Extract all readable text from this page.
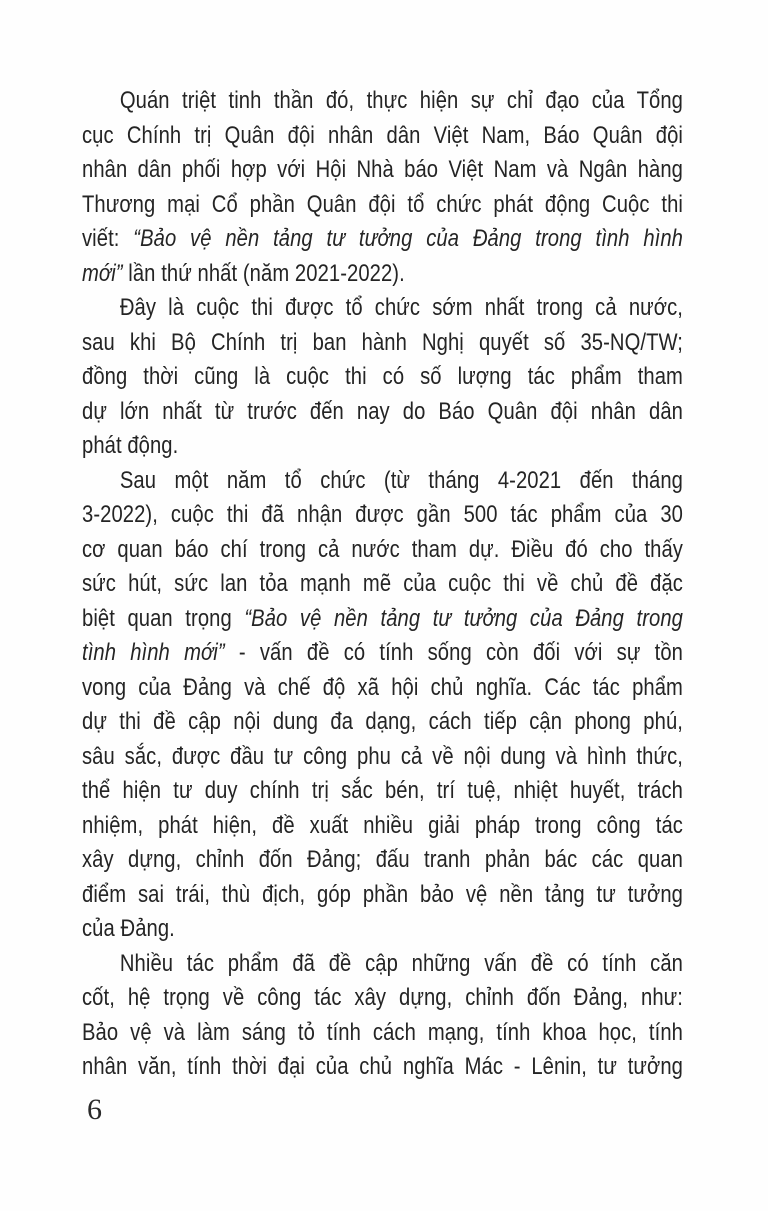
Quán triệt tinh thần đó, thực hiện sự chỉ đạo của Tổng
cục Chính trị Quân đội nhân dân Việt Nam, Báo Quân đội
nhân dân phối hợp với Hội Nhà báo Việt Nam và Ngân hàng
Thương mại Cổ phần Quân đội tổ chức phát động Cuộc thi
viết: “Bảo vệ nền tảng tư tưởng của Đảng trong tình hình
mới” lần thứ nhất (năm 2021-2022).
Đây là cuộc thi được tổ chức sớm nhất trong cả nước,
sau khi Bộ Chính trị ban hành Nghị quyết số 35-NQ/TW;
đồng thời cũng là cuộc thi có số lượng tác phẩm tham
dự lớn nhất từ trước đến nay do Báo Quân đội nhân dân
phát động.
Sau một năm tổ chức (từ tháng 4-2021 đến tháng
3-2022), cuộc thi đã nhận được gần 500 tác phẩm của 30
cơ quan báo chí trong cả nước tham dự. Điều đó cho thấy
sức hút, sức lan tỏa mạnh mẽ của cuộc thi về chủ đề đặc
biệt quan trọng “Bảo vệ nền tảng tư tưởng của Đảng trong
tình hình mới” - vấn đề có tính sống còn đối với sự tồn
vong của Đảng và chế độ xã hội chủ nghĩa. Các tác phẩm
dự thi đề cập nội dung đa dạng, cách tiếp cận phong phú,
sâu sắc, được đầu tư công phu cả về nội dung và hình thức,
thể hiện tư duy chính trị sắc bén, trí tuệ, nhiệt huyết, trách
nhiệm, phát hiện, đề xuất nhiều giải pháp trong công tác
xây dựng, chỉnh đốn Đảng; đấu tranh phản bác các quan
điểm sai trái, thù địch, góp phần bảo vệ nền tảng tư tưởng
của Đảng.
Nhiều tác phẩm đã đề cập những vấn đề có tính căn
cốt, hệ trọng về công tác xây dựng, chỉnh đốn Đảng, như:
Bảo vệ và làm sáng tỏ tính cách mạng, tính khoa học, tính
nhân văn, tính thời đại của chủ nghĩa Mác - Lênin, tư tưởng
6
